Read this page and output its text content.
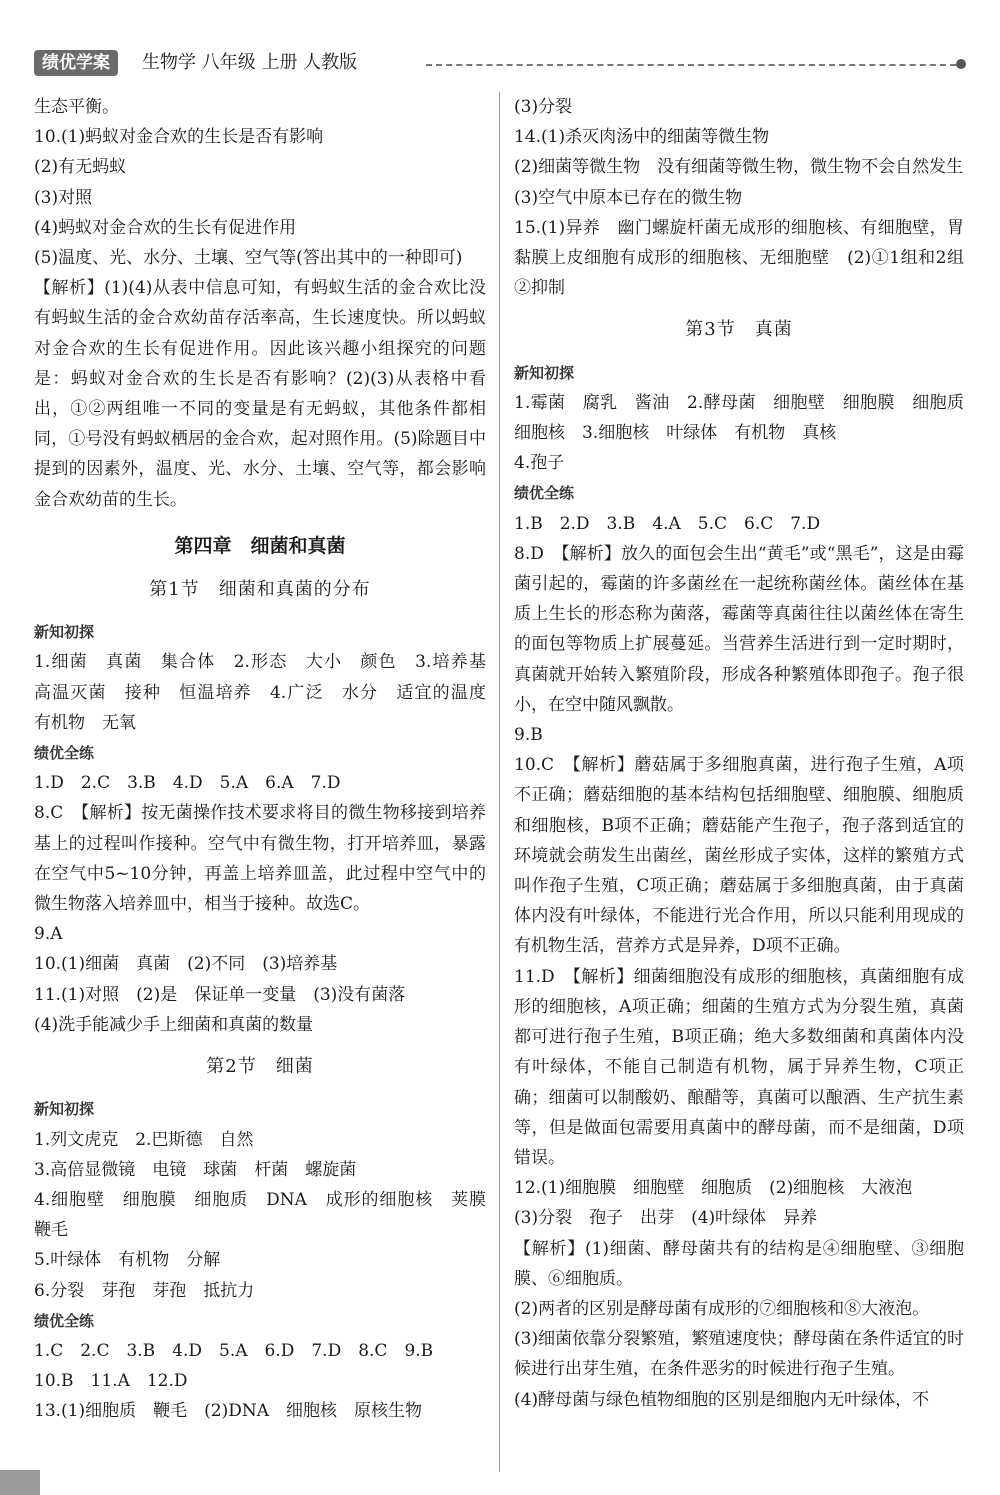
绩优学案	生物学 八年级 上册 人教版

生态平衡。

10.(1)蚂蚁对金合欢的生长是否有影响

(2)有无蚂蚁

(3)对照

(4)蚂蚁对金合欢的生长有促进作用

(5)温度、光、水分、土壤、空气等(答出其中的一种即可)

【解析】(1)(4)从表中信息可知，有蚂蚁生活的金合欢比没有蚂蚁生活的金合欢幼苗存活率高，生长速度快。所以蚂蚁对金合欢的生长有促进作用。因此该兴趣小组探究的问题是：蚂蚁对金合欢的生长是否有影响？(2)(3)从表格中看出，①②两组唯一不同的变量是有无蚂蚁，其他条件都相同，①号没有蚂蚁栖居的金合欢，起对照作用。(5)除题目中提到的因素外，温度、光、水分、土壤、空气等，都会影响金合欢幼苗的生长。

第四章　细菌和真菌

第1节　细菌和真菌的分布

新知初探

1.细菌　真菌　集合体　2.形态　大小　颜色　3.培养基　高温灭菌　接种　恒温培养　4.广泛　水分　适宜的温度　有机物　无氧

绩优全练

1.D　2.C　3.B　4.D　5.A　6.A　7.D

8.C　【解析】按无菌操作技术要求将目的微生物移接到培养基上的过程叫作接种。空气中有微生物，打开培养皿，暴露在空气中5~10分钟，再盖上培养皿盖，此过程中空气中的微生物落入培养皿中，相当于接种。故选C。

9.A

10.(1)细菌　真菌　(2)不同　(3)培养基

11.(1)对照　(2)是　保证单一变量　(3)没有菌落

(4)洗手能减少手上细菌和真菌的数量

第2节　细菌

新知初探

1.列文虎克　2.巴斯德　自然

3.高倍显微镜　电镜　球菌　杆菌　螺旋菌

4.细胞壁　细胞膜　细胞质　DNA　成形的细胞核　荚膜　鞭毛

5.叶绿体　有机物　分解

6.分裂　芽孢　芽孢　抵抗力

绩优全练

1.C　2.C　3.B　4.D　5.A　6.D　7.D　8.C　9.B

10.B　11.A　12.D

13.(1)细胞质　鞭毛　(2)DNA　细胞核　原核生物

(3)分裂

14.(1)杀灭肉汤中的细菌等微生物

(2)细菌等微生物　没有细菌等微生物，微生物不会自然发生

(3)空气中原本已存在的微生物

15.(1)异养　幽门螺旋杆菌无成形的细胞核、有细胞壁，胃黏膜上皮细胞有成形的细胞核、无细胞壁　(2)①1组和2组　②抑制

第3节　真菌

新知初探

1.霉菌　腐乳　酱油　2.酵母菌　细胞壁　细胞膜　细胞质　细胞核　3.细胞核　叶绿体　有机物　真核

4.孢子

绩优全练

1.B　2.D　3.B　4.A　5.C　6.C　7.D

8.D　【解析】放久的面包会生出“黄毛”或“黑毛”，这是由霉菌引起的，霉菌的许多菌丝在一起统称菌丝体。菌丝体在基质上生长的形态称为菌落，霉菌等真菌往往以菌丝体在寄生的面包等物质上扩展蔓延。当营养生活进行到一定时期时，真菌就开始转入繁殖阶段，形成各种繁殖体即孢子。孢子很小，在空中随风飘散。

9.B

10.C　【解析】蘑菇属于多细胞真菌，进行孢子生殖，A项不正确；蘑菇细胞的基本结构包括细胞壁、细胞膜、细胞质和细胞核，B项不正确；蘑菇能产生孢子，孢子落到适宜的环境就会萌发生出菌丝，菌丝形成子实体，这样的繁殖方式叫作孢子生殖，C项正确；蘑菇属于多细胞真菌，由于真菌体内没有叶绿体，不能进行光合作用，所以只能利用现成的有机物生活，营养方式是异养，D项不正确。

11.D　【解析】细菌细胞没有成形的细胞核，真菌细胞有成形的细胞核，A项正确；细菌的生殖方式为分裂生殖，真菌都可进行孢子生殖，B项正确；绝大多数细菌和真菌体内没有叶绿体，不能自己制造有机物，属于异养生物，C项正确；细菌可以制酸奶、酿醋等，真菌可以酿酒、生产抗生素等，但是做面包需要用真菌中的酵母菌，而不是细菌，D项错误。

12.(1)细胞膜　细胞壁　细胞质　(2)细胞核　大液泡

(3)分裂　孢子　出芽　(4)叶绿体　异养

【解析】(1)细菌、酵母菌共有的结构是④细胞壁、③细胞膜、⑥细胞质。

(2)两者的区别是酵母菌有成形的⑦细胞核和⑧大液泡。

(3)细菌依靠分裂繁殖，繁殖速度快；酵母菌在条件适宜的时候进行出芽生殖，在条件恶劣的时候进行孢子生殖。

(4)酵母菌与绿色植物细胞的区别是细胞内无叶绿体，不
